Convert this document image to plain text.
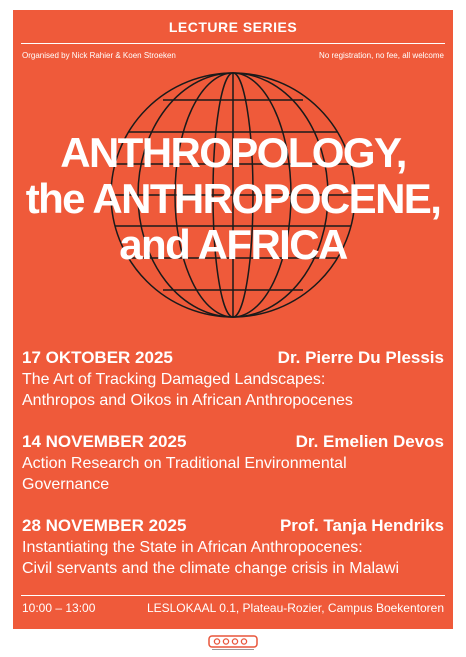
LECTURE SERIES
Organised by Nick Rahier & Koen Stroeken	No registration, no fee, all welcome
ANTHROPOLOGY,
the ANTHROPOCENE,
and AFRICA
17 OKTOBER 2025	Dr. Pierre Du Plessis
The Art of Tracking Damaged Landscapes:
Anthropos and Oikos in African Anthropocenes
14 NOVEMBER 2025	Dr. Emelien Devos
Action Research on Traditional Environmental
Governance
28 NOVEMBER 2025	Prof. Tanja Hendriks
Instantiating the State in African Anthropocenes:
Civil servants and the climate change crisis in Malawi
10:00 – 13:00	LESLOKAAL 0.1, Plateau-Rozier, Campus Boekentoren
